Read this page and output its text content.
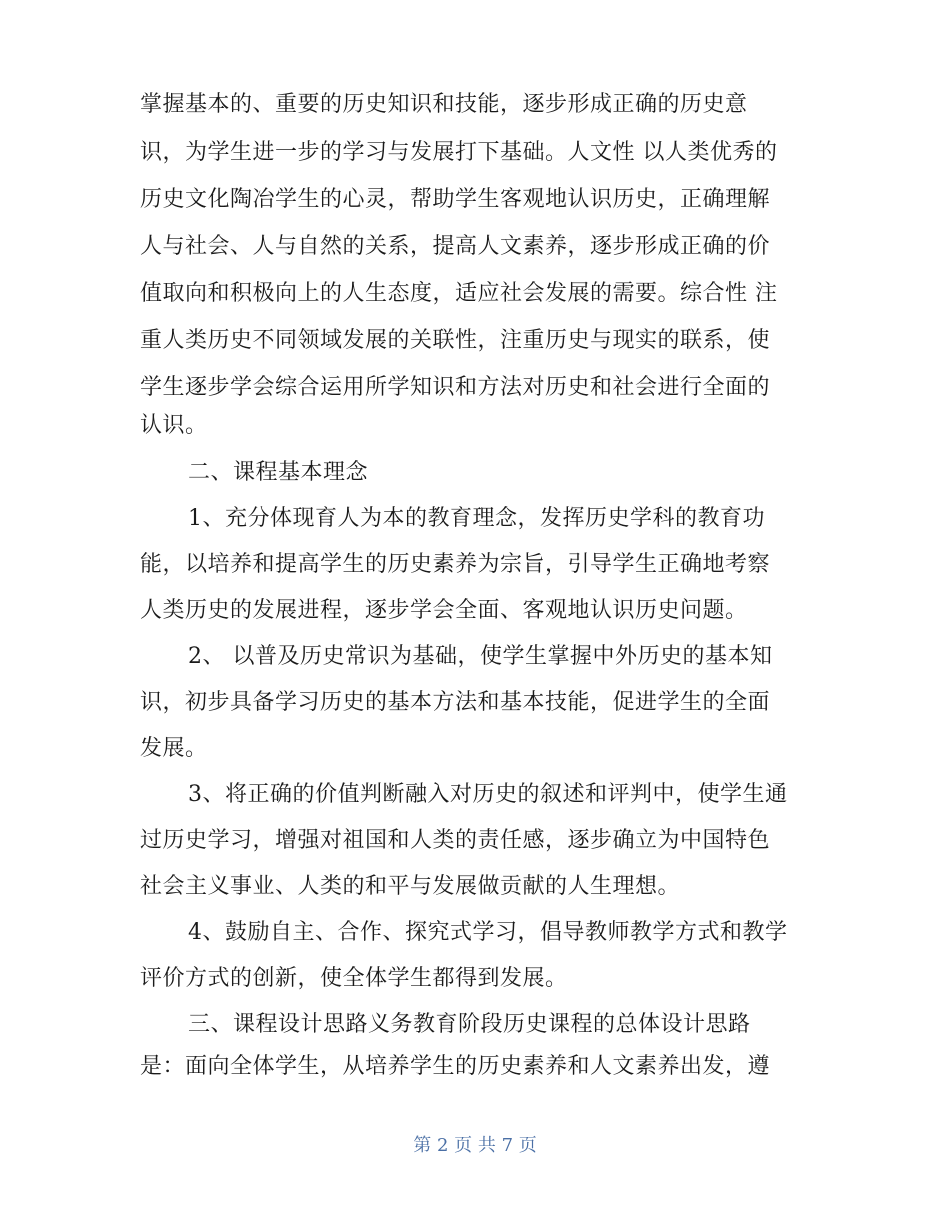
掌握基本的、重要的历史知识和技能，逐步形成正确的历史意
识，为学生进一步的学习与发展打下基础。人文性 以人类优秀的
历史文化陶冶学生的心灵，帮助学生客观地认识历史，正确理解
人与社会、人与自然的关系，提高人文素养，逐步形成正确的价
值取向和积极向上的人生态度，适应社会发展的需要。综合性 注
重人类历史不同领域发展的关联性，注重历史与现实的联系，使
学生逐步学会综合运用所学知识和方法对历史和社会进行全面的
认识。
二、课程基本理念
1、充分体现育人为本的教育理念，发挥历史学科的教育功
能，以培养和提高学生的历史素养为宗旨，引导学生正确地考察
人类历史的发展进程，逐步学会全面、客观地认识历史问题。
2、 以普及历史常识为基础，使学生掌握中外历史的基本知
识，初步具备学习历史的基本方法和基本技能，促进学生的全面
发展。
3、将正确的价值判断融入对历史的叙述和评判中，使学生通
过历史学习，增强对祖国和人类的责任感，逐步确立为中国特色
社会主义事业、人类的和平与发展做贡献的人生理想。
4、鼓励自主、合作、探究式学习，倡导教师教学方式和教学
评价方式的创新，使全体学生都得到发展。
三、课程设计思路义务教育阶段历史课程的总体设计思路
是：面向全体学生，从培养学生的历史素养和人文素养出发，遵
第 2 页 共 7 页
